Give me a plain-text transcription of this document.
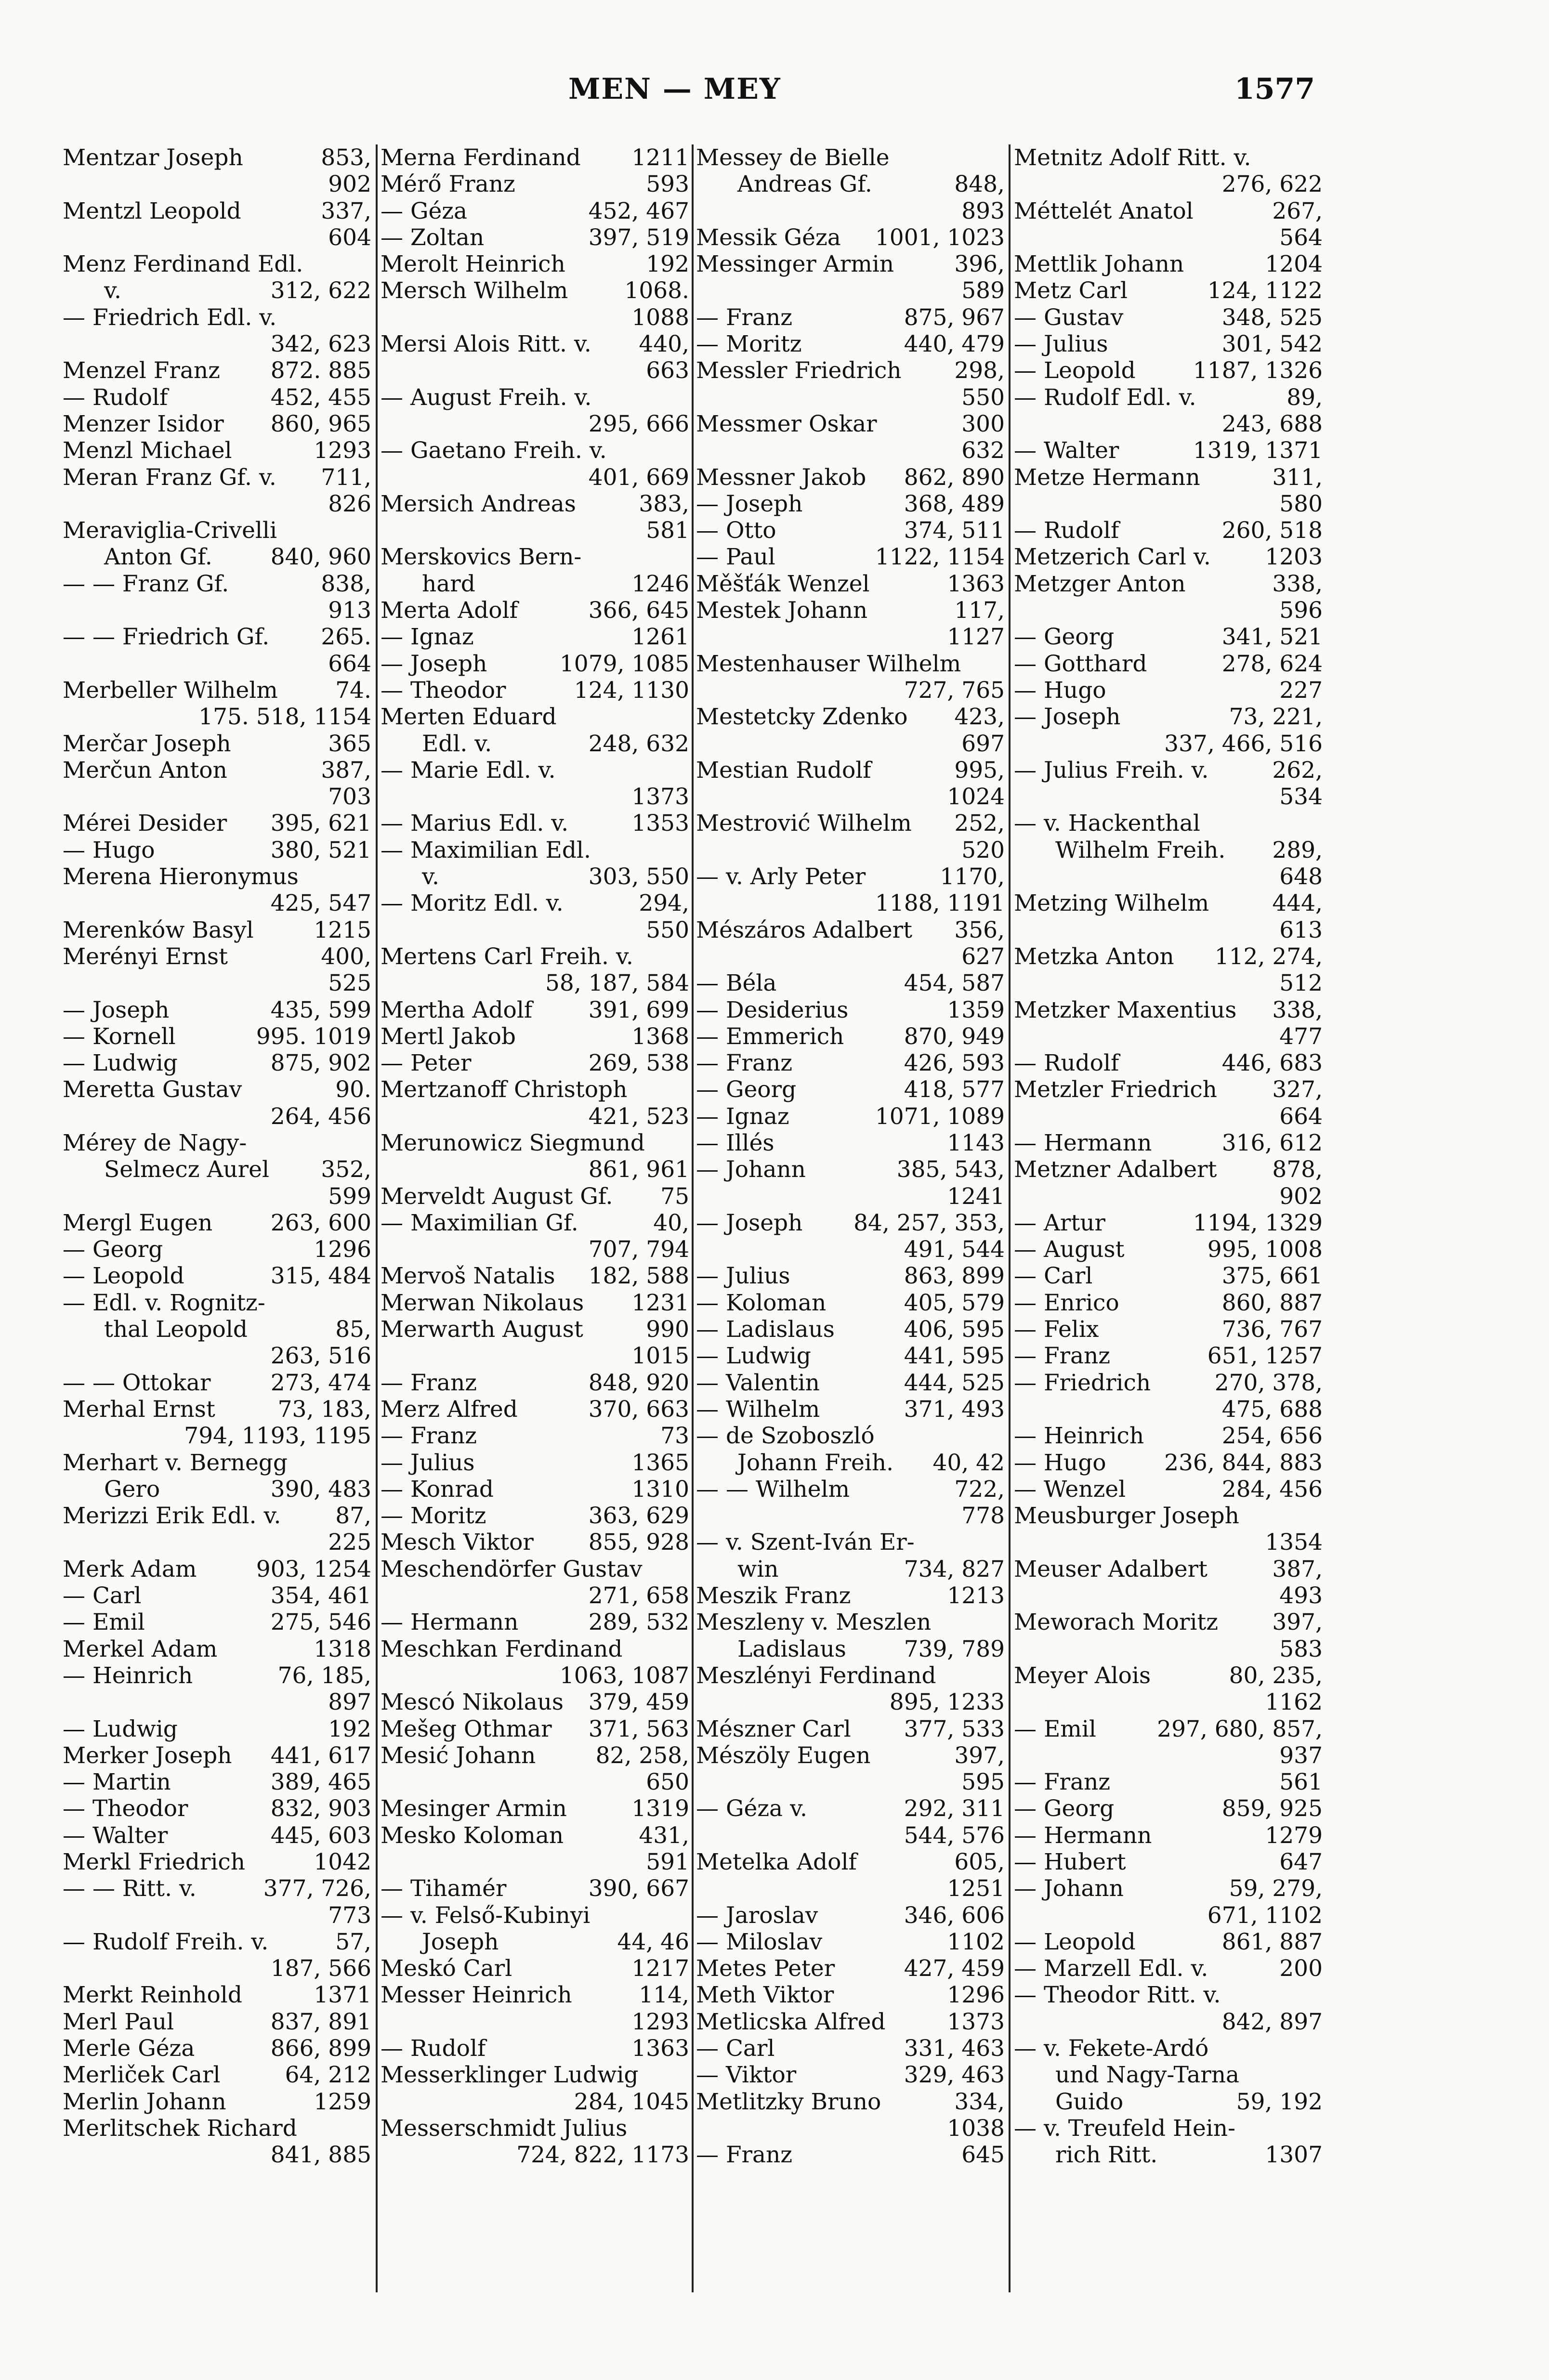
MEN — MEY	1577
Mentzar Joseph	853,
902
Mentzl Leopold	337,
604
Menz Ferdinand Edl.
v.	312, 622
— Friedrich Edl. v.
342, 623
Menzel Franz 872. 885
— Rudolf	452, 455
Menzer Isidor 860, 965
Menzl Michael	1293
Meran Franz Gf. v. 711,
826
Meraviglia-Crivelli
Anton Gf.	840, 960
— — Franz Gf.	838,
913
— — Friedrich Gf. 265.
664
Merbeller Wilhelm	74.
175. 518, 1154
Merčar Joseph	365
Merčun Anton	387,
703
Mérei Desider 395, 621
— Hugo	380, 521
Merena Hieronymus
425, 547
Merenków Basyl	1215
Merényi Ernst	400,
525
— Joseph	435, 599
— Kornell	995. 1019
— Ludwig	875, 902
Meretta Gustav	90.
264, 456
Mérey de Nagy-
Selmecz Aurel 352,
599
Mergl Eugen	263, 600
— Georg	1296
— Leopold	315, 484
— Edl. v. Rognitz-
thal Leopold	85,
263, 516
— — Ottokar	273, 474
Merhal Ernst	73, 183,
794, 1193, 1195
Merhart v. Bernegg
Gero	390, 483
Merizzi Erik Edl. v. 87,
225
Merk Adam	903, 1254
— Carl	354, 461
— Emil	275, 546
Merkel Adam	1318
— Heinrich	76, 185,
897
— Ludwig	192
Merker Joseph 441, 617
— Martin	389, 465
— Theodor	832, 903
— Walter	445, 603
Merkl Friedrich	1042
— — Ritt. v.	377, 726,
773
— Rudolf Freih. v.	57,
187, 566
Merkt Reinhold	1371
Merl Paul	837, 891
Merle Géza	866, 899
Merliček Carl	64, 212
Merlin Johann	1259
Merlitschek Richard
841, 885
Merna Ferdinand 1211
Mérő Franz	593
— Géza	452, 467
— Zoltan	397, 519
Merolt Heinrich	192
Mersch Wilhelm 1068.
1088
Mersi Alois Ritt. v. 440,
663
— August Freih. v.
295, 666
— Gaetano Freih. v.
401, 669
Mersich Andreas	383,
581
Merskovics Bern-
hard	1246
Merta Adolf	366, 645
— Ignaz	1261
— Joseph	1079, 1085
— Theodor	124, 1130
Merten Eduard
Edl. v.	248, 632
— Marie Edl. v.
1373
— Marius Edl. v.	1353
— Maximilian Edl.
v.	303, 550
— Moritz Edl. v.	294,
550
Mertens Carl Freih. v.
58, 187, 584
Mertha Adolf 391, 699
Mertl Jakob	1368
— Peter	269, 538
Mertzanoff Christoph
421, 523
Merunowicz Siegmund
861, 961
Merveldt August Gf. 75
— Maximilian Gf.	40,
707, 794
Mervoš Natalis 182, 588
Merwan Nikolaus 1231
Merwarth August	990
1015
— Franz	848, 920
Merz Alfred	370, 663
— Franz	73
— Julius	1365
— Konrad	1310
— Moritz	363, 629
Mesch Viktor 855, 928
Meschendörfer Gustav
271, 658
— Hermann	289, 532
Meschkan Ferdinand
1063, 1087
Mescó Nikolaus 379, 459
Mešeg Othmar 371, 563
Mesić Johann	82, 258,
650
Mesinger Armin	1319
Mesko Koloman	431,
591
— Tihamér	390, 667
— v. Felső-Kubinyi
Joseph	44, 46
Meskó Carl	1217
Messer Heinrich	114,
1293
— Rudolf	1363
Messerklinger Ludwig
284, 1045
Messerschmidt Julius
724, 822, 1173
Messey de Bielle
Andreas Gf.	848,
893
Messik Géza 1001, 1023
Messinger Armin	396,
589
— Franz	875, 967
— Moritz	440, 479
Messler Friedrich 298,
550
Messmer Oskar	300
632
Messner Jakob 862, 890
— Joseph	368, 489
— Otto	374, 511
— Paul	1122, 1154
Měšťák Wenzel	1363
Mestek Johann	117,
1127
Mestenhauser Wilhelm
727, 765
Mestetcky Zdenko 423,
697
Mestian Rudolf	995,
1024
Mestrović Wilhelm 252,
520
— v. Arly Peter	1170,
1188, 1191
Mészáros Adalbert 356,
627
— Béla	454, 587
— Desiderius	1359
— Emmerich	870, 949
— Franz	426, 593
— Georg	418, 577
— Ignaz	1071, 1089
— Illés	1143
— Johann	385, 543,
1241
— Joseph 84, 257, 353,
491, 544
— Julius	863, 899
— Koloman	405, 579
— Ladislaus	406, 595
— Ludwig	441, 595
— Valentin	444, 525
— Wilhelm	371, 493
— de Szoboszló
Johann Freih. 40, 42
— — Wilhelm	722,
778
— v. Szent-Iván Er-
win	734, 827
Meszik Franz	1213
Meszleny v. Meszlen
Ladislaus	739, 789
Meszlényi Ferdinand
895, 1233
Mészner Carl 377, 533
Mészöly Eugen	397,
595
— Géza v.	292, 311
544, 576
Metelka Adolf	605,
1251
— Jaroslav	346, 606
— Miloslav	1102
Metes Peter	427, 459
Meth Viktor	1296
Metlicska Alfred	1373
— Carl	331, 463
— Viktor	329, 463
Metlitzky Bruno	334,
1038
— Franz	645
Metnitz Adolf Ritt. v.
276, 622
Méttelét Anatol	267,
564
Mettlik Johann	1204
Metz Carl	124, 1122
— Gustav	348, 525
— Julius	301, 542
— Leopold	1187, 1326
— Rudolf Edl. v.	89,
243, 688
— Walter	1319, 1371
Metze Hermann	311,
580
— Rudolf	260, 518
Metzerich Carl v. 1203
Metzger Anton	338,
596
— Georg	341, 521
— Gotthard	278, 624
— Hugo	227
— Joseph	73, 221,
337, 466, 516
— Julius Freih. v.	262,
534
— v. Hackenthal
Wilhelm Freih. 289,
648
Metzing Wilhelm	444,
613
Metzka Anton 112, 274,
512
Metzker Maxentius 338,
477
— Rudolf	446, 683
Metzler Friedrich 327,
664
— Hermann	316, 612
Metzner Adalbert 878,
902
— Artur	1194, 1329
— August	995, 1008
— Carl	375, 661
— Enrico	860, 887
— Felix	736, 767
— Franz	651, 1257
— Friedrich	270, 378,
475, 688
— Heinrich	254, 656
— Hugo	236, 844, 883
— Wenzel	284, 456
Meusburger Joseph
1354
Meuser Adalbert	387,
493
Meworach Moritz 397,
583
Meyer Alois	80, 235,
1162
— Emil	297, 680, 857,
937
— Franz	561
— Georg	859, 925
— Hermann	1279
— Hubert	647
— Johann	59, 279,
671, 1102
— Leopold	861, 887
— Marzell Edl. v.	200
— Theodor Ritt. v.
842, 897
— v. Fekete-Ardó
und Nagy-Tarna
Guido	59, 192
— v. Treufeld Hein-
rich Ritt.	1307
